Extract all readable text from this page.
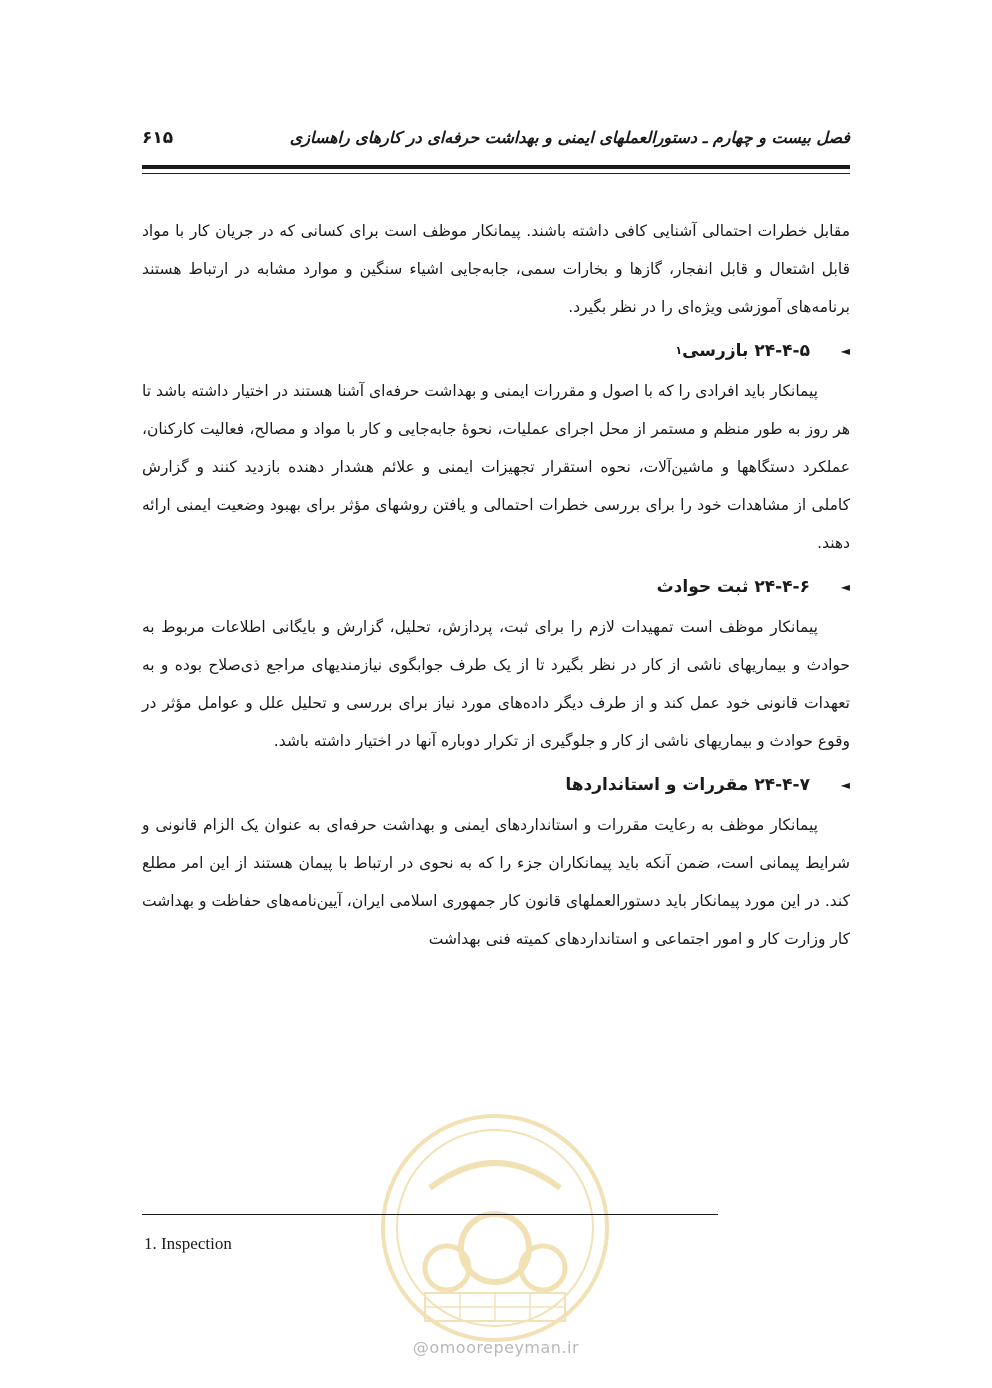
فصل بیست و چهارم ـ دستورالعملهای ایمنی و بهداشت حرفه‌ای در کارهای راهسازی
۶۱۵

مقابل خطرات احتمالی آشنایی کافی داشته باشند. پیمانکار موظف است برای کسانی که در جریان کار با مواد قابل اشتعال و قابل انفجار، گازها و بخارات سمی، جابه‌جایی اشیاء سنگین و موارد مشابه در ارتباط هستند برنامه‌های آموزشی ویژه‌ای را در نظر بگیرد.

◄
۲۴-۴-۵
بازرسی
۱

پیمانکار باید افرادی را که با اصول و مقررات ایمنی و بهداشت حرفه‌ای آشنا هستند در اختیار داشته باشد تا هر روز به طور منظم و مستمر از محل اجرای عملیات، نحوهٔ جابه‌جایی و کار با مواد و مصالح، فعالیت کارکنان، عملکرد دستگاهها و ماشین‌آلات، نحوه استقرار تجهیزات ایمنی و علائم هشدار دهنده بازدید کنند و گزارش کاملی از مشاهدات خود را برای بررسی خطرات احتمالی و یافتن روشهای مؤثر برای بهبود وضعیت ایمنی ارائه دهند.

◄
۲۴-۴-۶
ثبت حوادث

پیمانکار موظف است تمهیدات لازم را برای ثبت، پردازش، تحلیل، گزارش و بایگانی اطلاعات مربوط به حوادث و بیماریهای ناشی از کار در نظر بگیرد تا از یک طرف جوابگوی نیازمندیهای مراجع ذی‌صلاح بوده و به تعهدات قانونی خود عمل کند و از طرف دیگر داده‌های مورد نیاز برای بررسی و تحلیل علل و عوامل مؤثر در وقوع حوادث و بیماریهای ناشی از کار و جلوگیری از تکرار دوباره آنها در اختیار داشته باشد.

◄
۲۴-۴-۷
مقررات و استانداردها

پیمانکار موظف به رعایت مقررات و استانداردهای ایمنی و بهداشت حرفه‌ای به عنوان یک الزام قانونی و شرایط پیمانی است، ضمن آنکه باید پیمانکاران جزء را که به نحوی در ارتباط با پیمان هستند از این امر مطلع کند. در این مورد پیمانکار باید دستورالعملهای قانون کار جمهوری اسلامی ایران، آیین‌نامه‌های حفاظت و بهداشت کار وزارت کار و امور اجتماعی و استانداردهای کمیته فنی بهداشت

@omoorepeyman.ir
1. Inspection
